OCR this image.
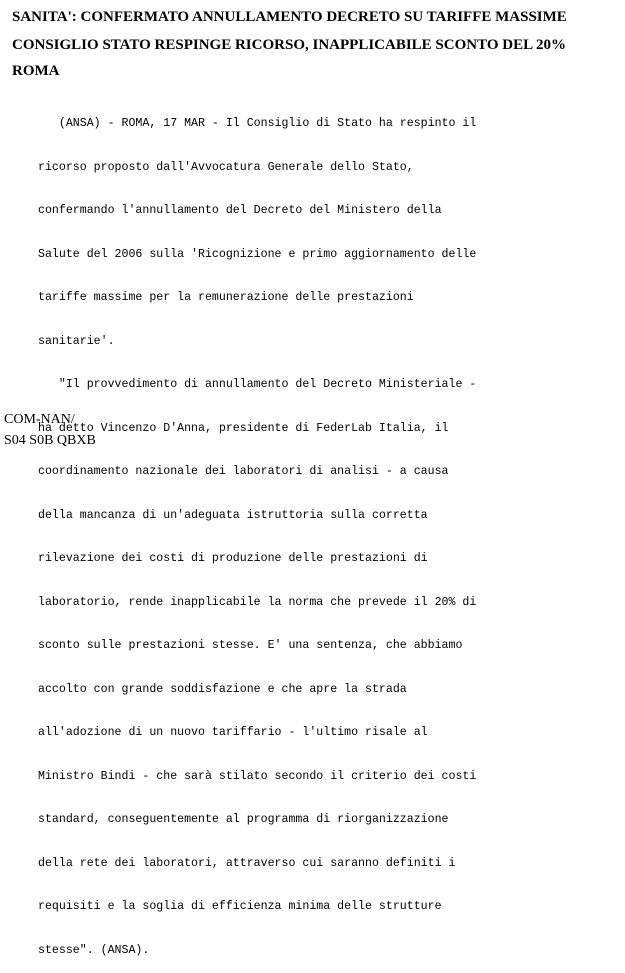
SANITA': CONFERMATO ANNULLAMENTO DECRETO SU TARIFFE MASSIME
CONSIGLIO STATO RESPINGE RICORSO, INAPPLICABILE SCONTO DEL 20%
ROMA

(ANSA) - ROMA, 17 MAR - Il Consiglio di Stato ha respinto il

ricorso proposto dall'Avvocatura Generale dello Stato,

confermando l'annullamento del Decreto del Ministero della

Salute del 2006 sulla 'Ricognizione e primo aggiornamento delle

tariffe massime per la remunerazione delle prestazioni

sanitarie'.

"Il provvedimento di annullamento del Decreto Ministeriale -

ha detto Vincenzo D'Anna, presidente di FederLab Italia, il

coordinamento nazionale dei laboratori di analisi - a causa

della mancanza di un'adeguata istruttoria sulla corretta

rilevazione dei costi di produzione delle prestazioni di

laboratorio, rende inapplicabile la norma che prevede il 20% di

sconto sulle prestazioni stesse. E' una sentenza, che abbiamo

accolto con grande soddisfazione e che apre la strada

all'adozione di un nuovo tariffario - l'ultimo risale al

Ministro Bindi - che sarà stilato secondo il criterio dei costi

standard, conseguentemente al programma di riorganizzazione

della rete dei laboratori, attraverso cui saranno definiti i

requisiti e la soglia di efficienza minima delle strutture

stesse". (ANSA).

COM-NAN/
S04 S0B QBXB
